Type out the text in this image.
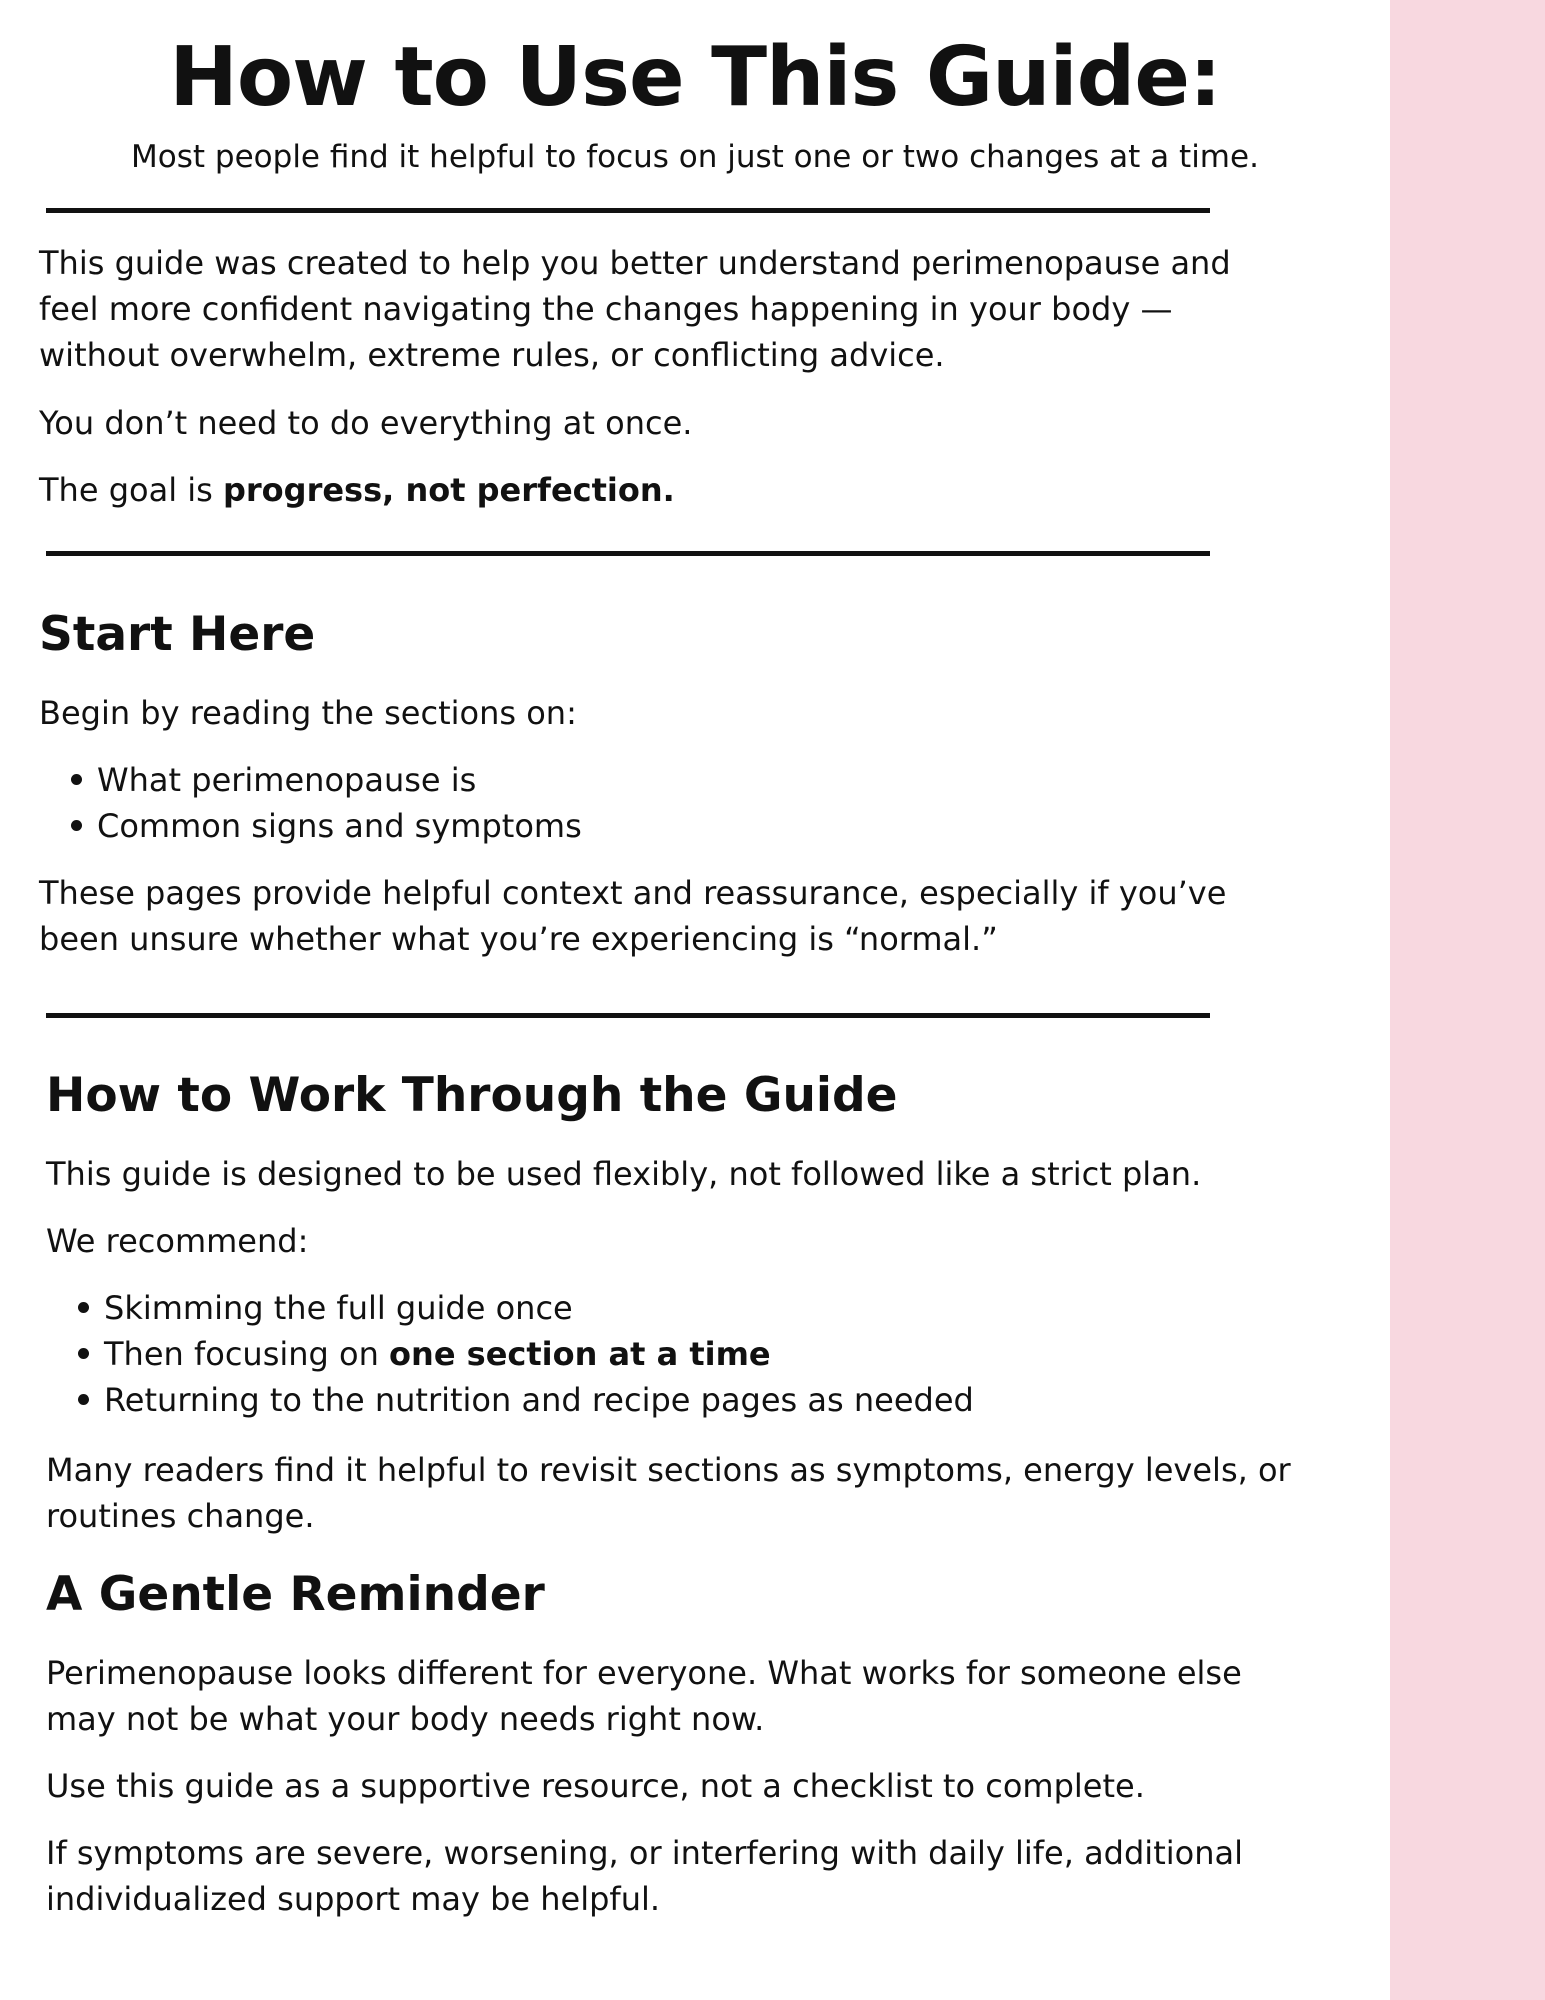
How to Use This Guide:

Most people find it helpful to focus on just one or two changes at a time.

This guide was created to help you better understand perimenopause and
feel more confident navigating the changes happening in your body —
without overwhelm, extreme rules, or conflicting advice.

You don’t need to do everything at once.

The goal is progress, not perfection.

Start Here

Begin by reading the sections on:

What perimenopause is
Common signs and symptoms
These pages provide helpful context and reassurance, especially if you’ve
been unsure whether what you’re experiencing is “normal.”
How to Work Through the Guide

This guide is designed to be used flexibly, not followed like a strict plan.

We recommend:

Skimming the full guide once
Then focusing on one section at a time
Returning to the nutrition and recipe pages as needed
Many readers find it helpful to revisit sections as symptoms, energy levels, or
routines change.
A Gentle Reminder
Perimenopause looks different for everyone. What works for someone else
may not be what your body needs right now.

Use this guide as a supportive resource, not a checklist to complete.

If symptoms are severe, worsening, or interfering with daily life, additional
individualized support may be helpful.
